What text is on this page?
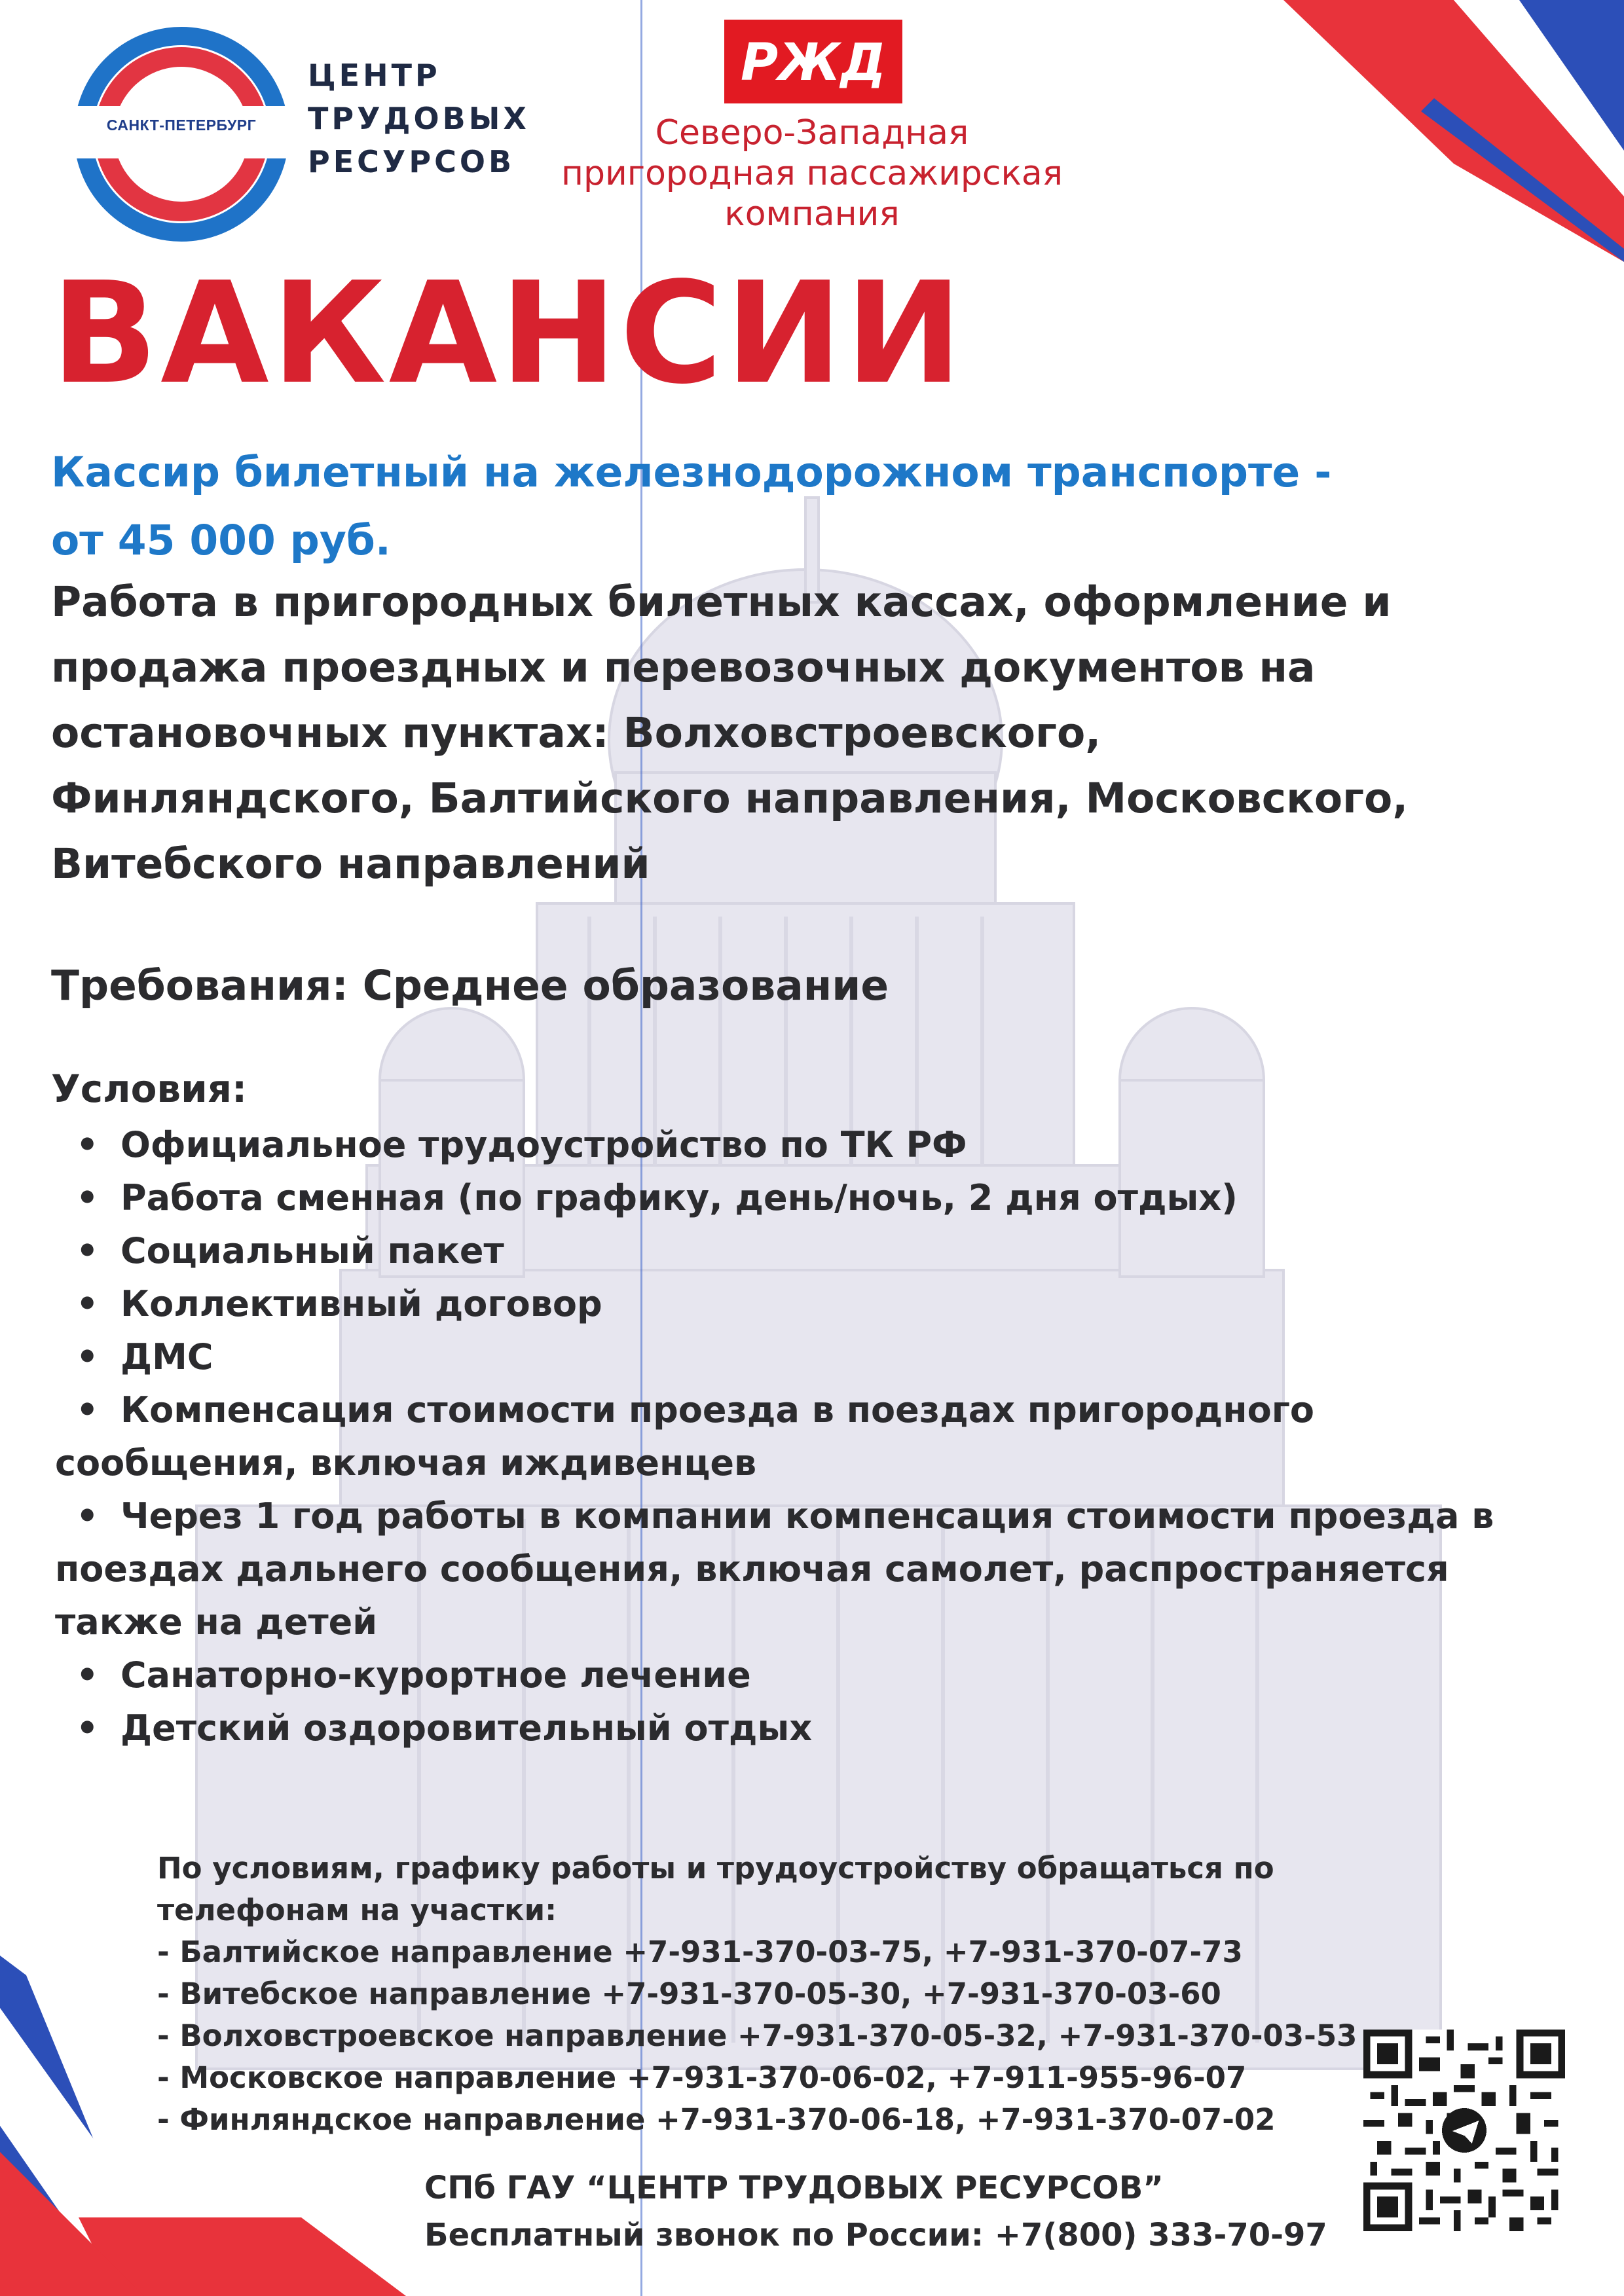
САНКТ-ПЕТЕРБУРГ
ЦЕНТР
ТРУДОВЫХ
РЕСУРСОВ
РЖД
Северо-Западная
пригородная пассажирская
компания
ВАКАНСИИ
Кассир билетный на железнодорожном транспорте -
от 45 000 руб.
Работа в пригородных билетных кассах, оформление и
продажа проездных и перевозочных документов на
остановочных пунктах: Волховстроевского,
Финляндского, Балтийского направления, Московского,
Витебского направлений
Требования: Среднее образование
Условия:
• Официальное трудоустройство по ТК РФ
• Работа сменная (по графику, день/ночь, 2 дня отдых)
• Социальный пакет
• Коллективный договор
• ДМС
• Компенсация стоимости проезда в поездах пригородного
сообщения, включая иждивенцев
• Через 1 год работы в компании компенсация стоимости проезда в
поездах дальнего сообщения, включая самолет, распространяется
также на детей
• Санаторно-курортное лечение
• Детский оздоровительный отдых
По условиям, графику работы и трудоустройству обращаться по
телефонам на участки:
- Балтийское направление +7-931-370-03-75, +7-931-370-07-73
- Витебское направление +7-931-370-05-30, +7-931-370-03-60
- Волховстроевское направление +7-931-370-05-32, +7-931-370-03-53
- Московское направление +7-931-370-06-02, +7-911-955-96-07
- Финляндское направление +7-931-370-06-18, +7-931-370-07-02
СПб ГАУ “ЦЕНТР ТРУДОВЫХ РЕСУРСОВ”
Бесплатный звонок по России: +7(800) 333-70-97
